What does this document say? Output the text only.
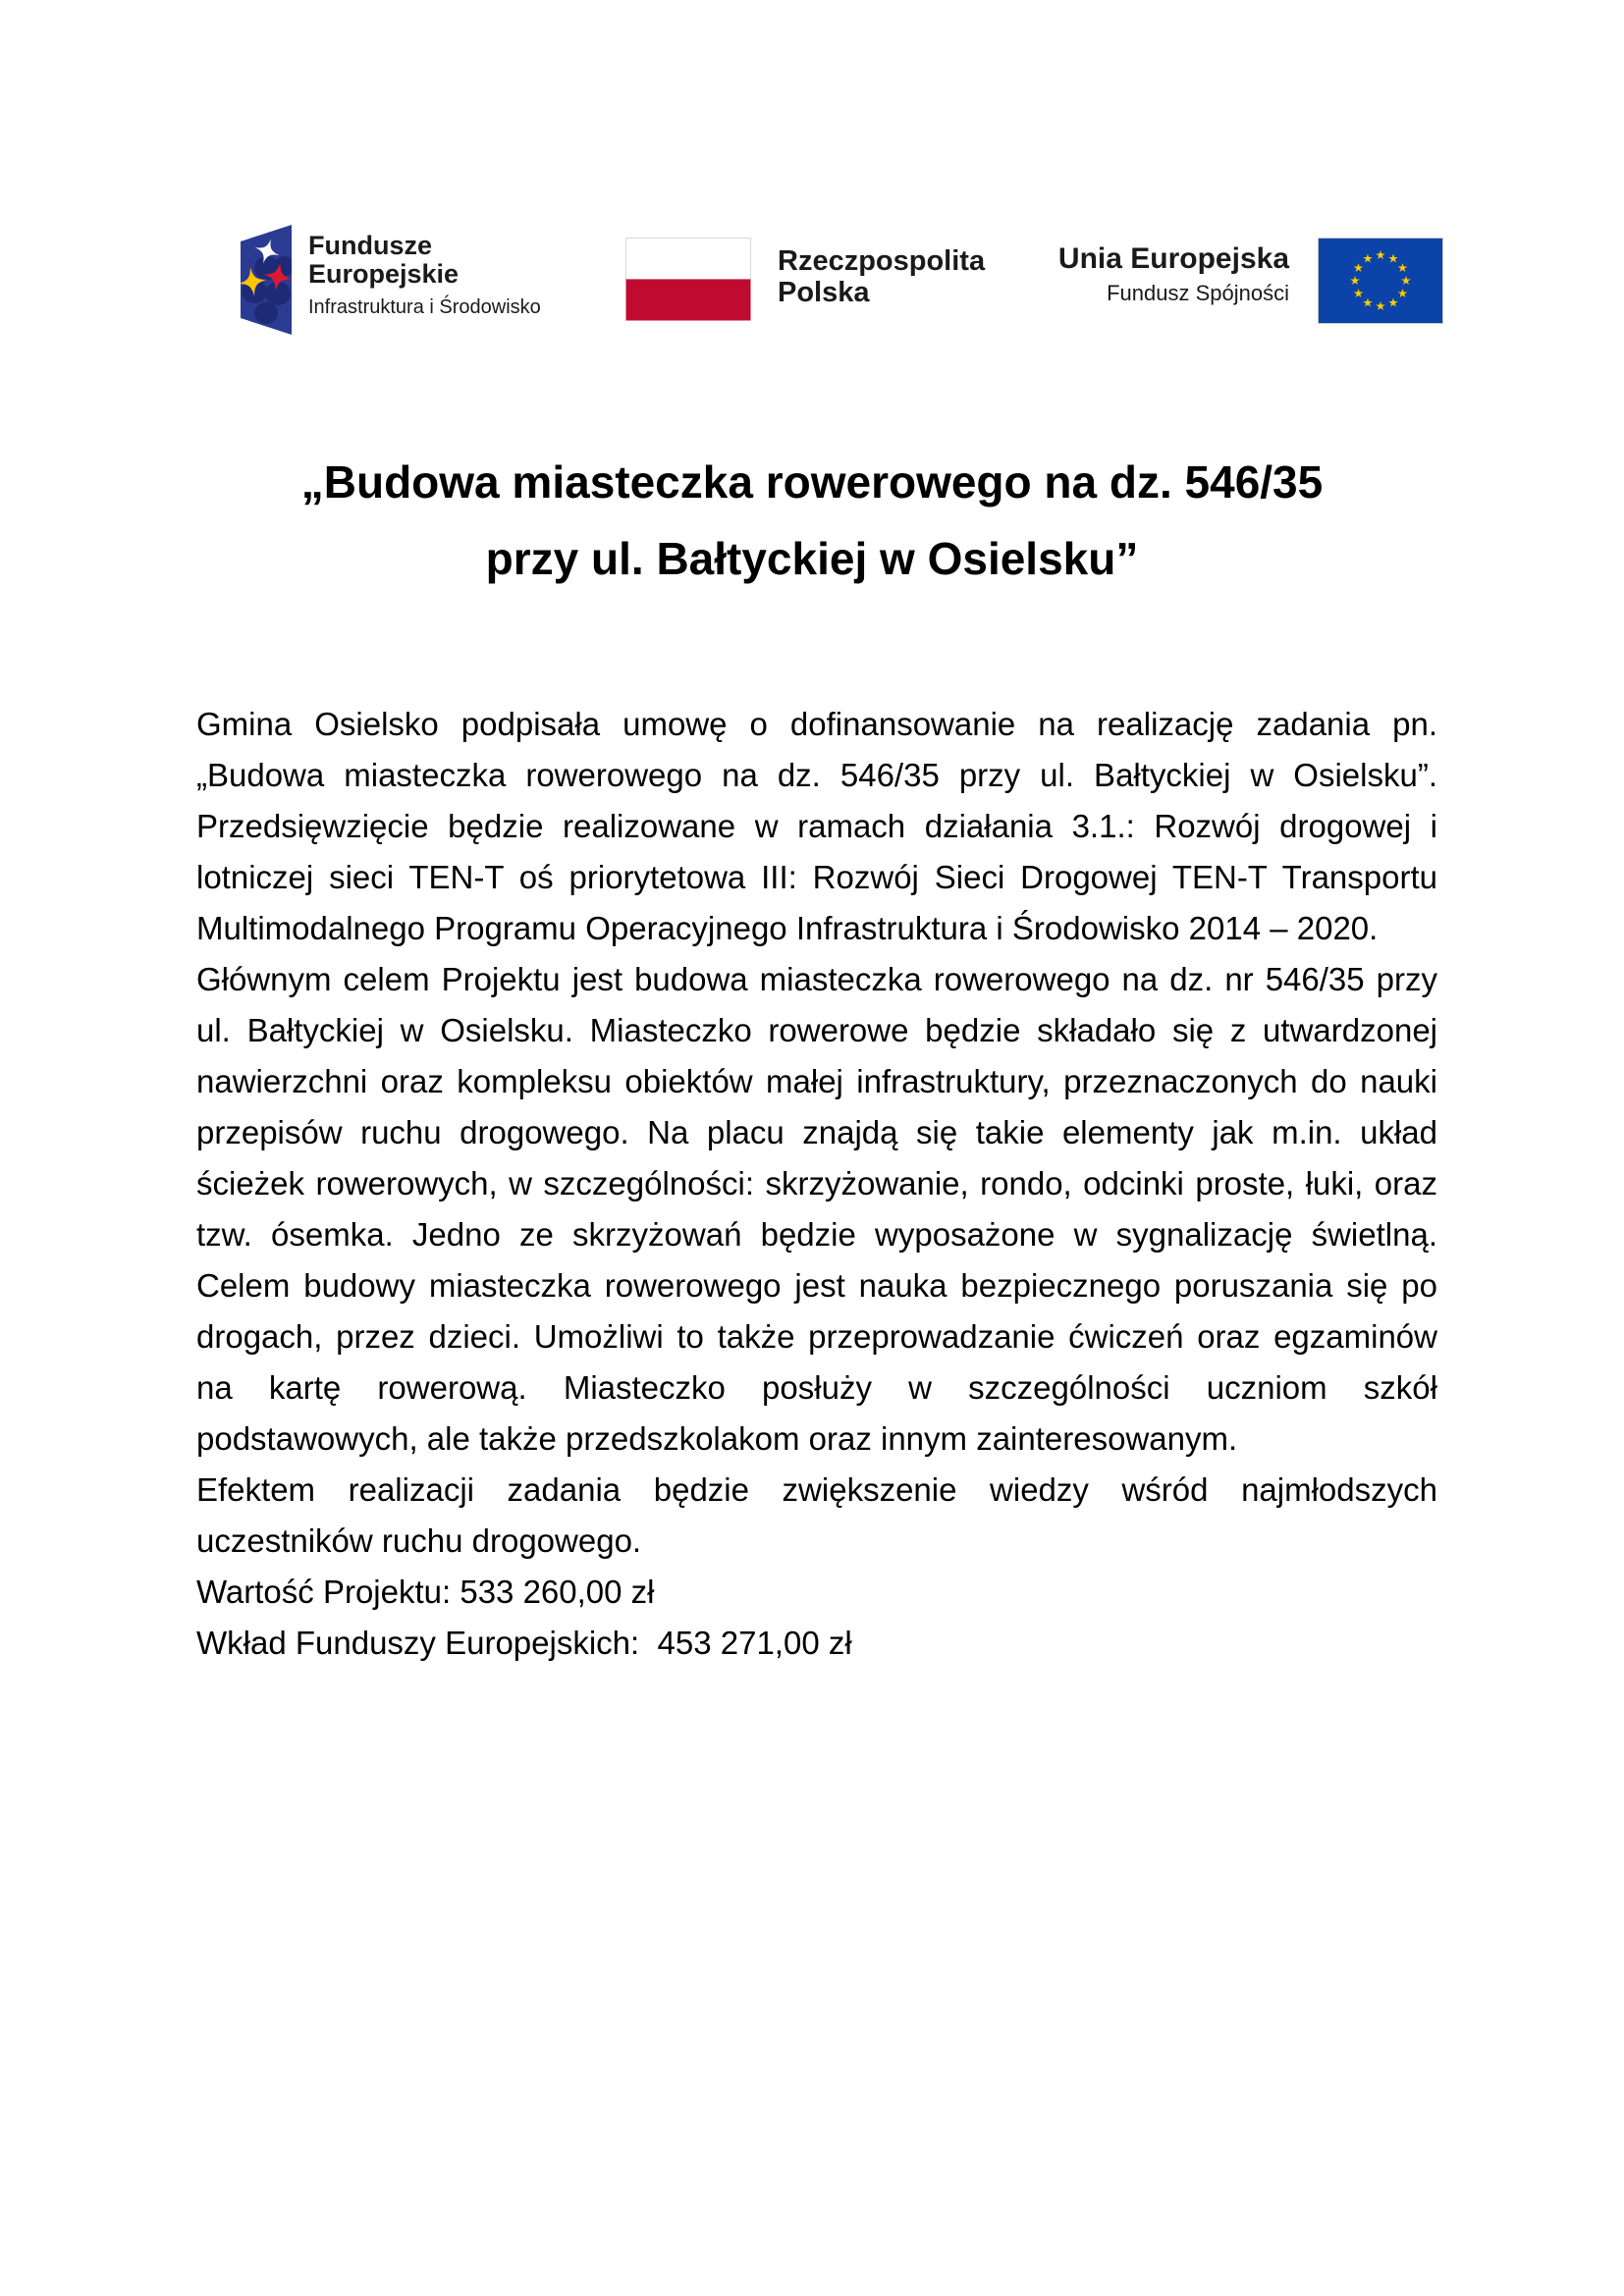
Fundusze
Europejskie
Infrastruktura i Środowisko
Rzeczpospolita
Polska
Unia Europejska
Fundusz Spójności
„Budowa miasteczka rowerowego na dz. 546/35
przy ul. Bałtyckiej w Osielsku”

Gmina Osielsko podpisała umowę o dofinansowanie na realizację zadania pn. „Budowa miasteczka rowerowego na dz. 546/35 przy ul. Bałtyckiej w Osielsku”. Przedsięwzięcie będzie realizowane w ramach działania 3.1.: Rozwój drogowej i lotniczej sieci TEN-T oś priorytetowa III: Rozwój Sieci Drogowej TEN-T Transportu Multimodalnego Programu Operacyjnego Infrastruktura i Środowisko 2014 – 2020.

Głównym celem Projektu jest budowa miasteczka rowerowego na dz. nr 546/35 przy ul. Bałtyckiej w Osielsku. Miasteczko rowerowe będzie składało się z utwardzonej nawierzchni oraz kompleksu obiektów małej infrastruktury, przeznaczonych do nauki przepisów ruchu drogowego. Na placu znajdą się takie elementy jak m.in. układ ścieżek rowerowych, w szczególności: skrzyżowanie, rondo, odcinki proste, łuki, oraz tzw. ósemka. Jedno ze skrzyżowań będzie wyposażone w sygnalizację świetlną. Celem budowy miasteczka rowerowego jest nauka bezpiecznego poruszania się po drogach, przez dzieci. Umożliwi to także przeprowadzanie ćwiczeń oraz egzaminów na kartę rowerową. Miasteczko posłuży w szczególności uczniom szkół podstawowych, ale także przedszkolakom oraz innym zainteresowanym.

Efektem realizacji zadania będzie zwiększenie wiedzy wśród najmłodszych uczestników ruchu drogowego.

Wartość Projektu: 533 260,00 zł

Wkład Funduszy Europejskich:  453 271,00 zł
